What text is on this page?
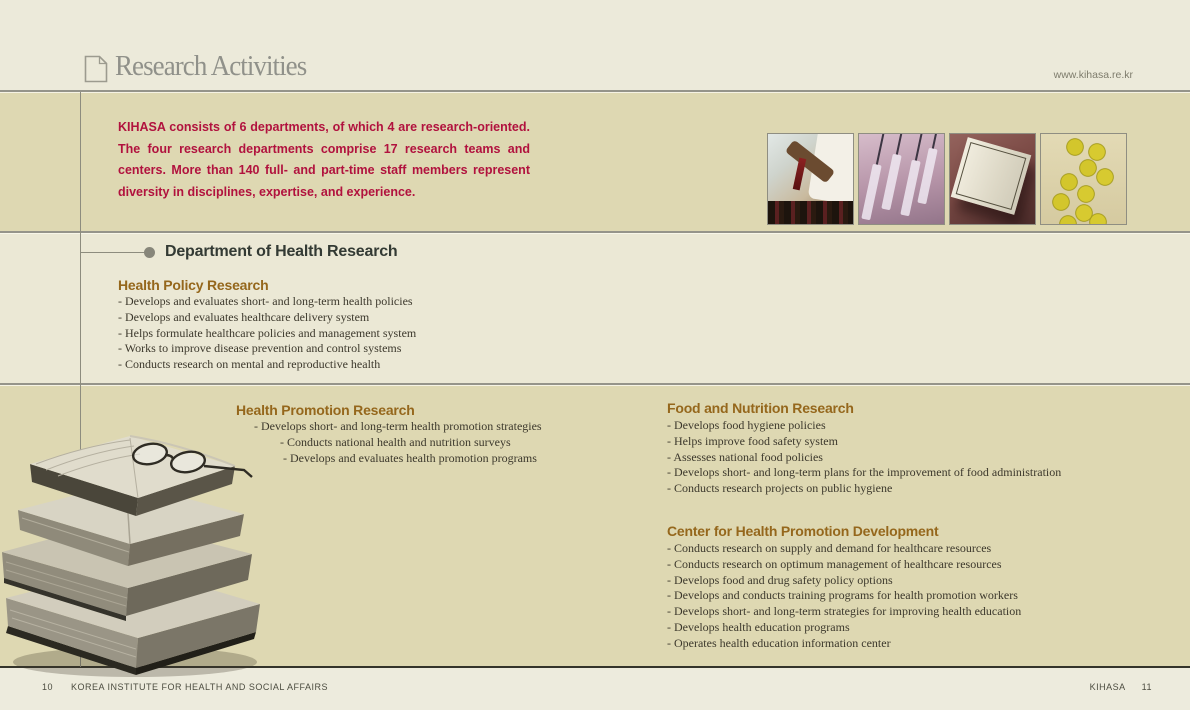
Research Activities	www.kihasa.re.kr

KIHASA consists of 6 departments, of which 4 are research-oriented. The four research departments comprise 17 research teams and centers. More than 140 full- and part-time staff members represent diversity in disciplines, expertise, and experience.

Department of Health Research
Health Policy Research
- Develops and evaluates short- and long-term health policies
- Develops and evaluates healthcare delivery system
- Helps formulate healthcare policies and management system
- Works to improve disease prevention and control systems
- Conducts research on mental and reproductive health
Health Promotion Research
- Develops short- and long-term health promotion strategies
- Conducts national health and nutrition surveys
- Develops and evaluates health promotion programs
Food and Nutrition Research
- Develops food hygiene policies
- Helps improve food safety system
- Assesses national food policies
- Develops short- and long-term plans for the improvement of food administration
- Conducts research projects on public hygiene
Center for Health Promotion Development
- Conducts research on supply and demand for healthcare resources
- Conducts research on optimum management of healthcare resources
- Develops food and drug safety policy options
- Develops and conducts training programs for health promotion workers
- Develops short- and long-term strategies for improving health education
- Develops health education programs
- Operates health education information center
10 KOREA INSTITUTE FOR HEALTH AND SOCIAL AFFAIRS	KIHASA 11
